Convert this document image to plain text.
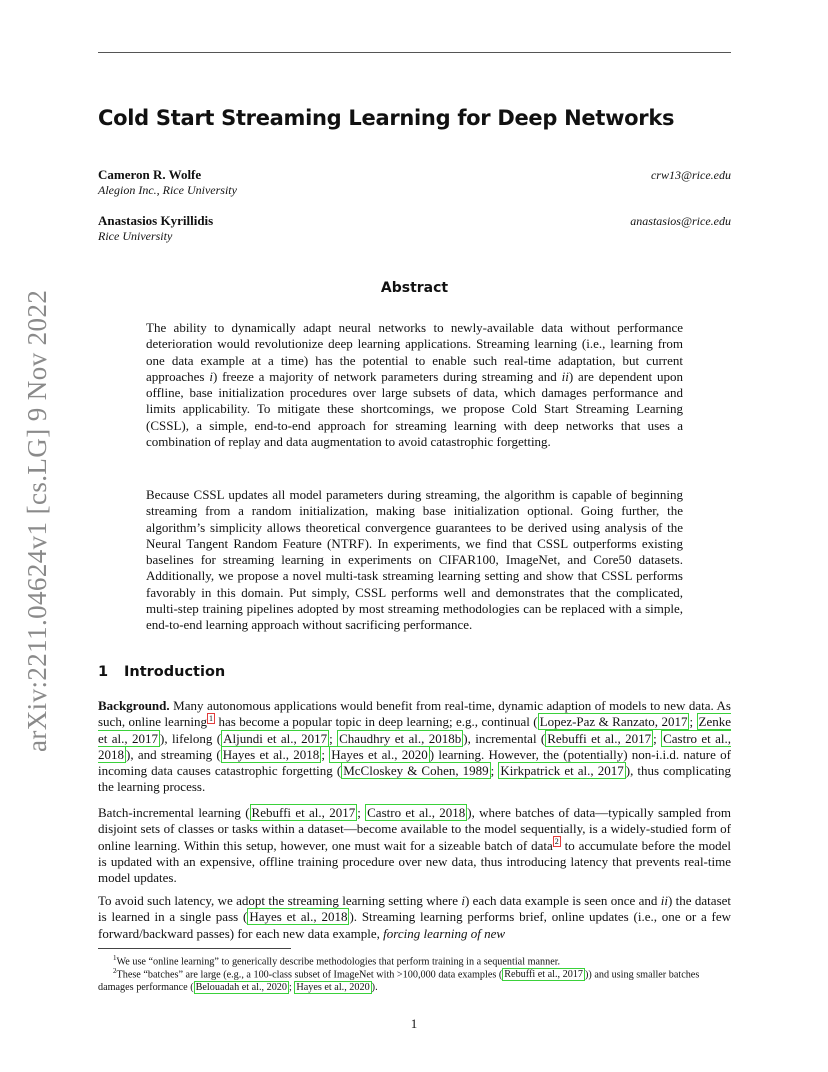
arXiv:2211.04624v1 [cs.LG] 9 Nov 2022
Cold Start Streaming Learning for Deep Networks
Cameron R. Wolfe	crw13@rice.edu
Alegion Inc., Rice University
Anastasios Kyrillidis	anastasios@rice.edu
Rice University
Abstract

The ability to dynamically adapt neural networks to newly-available data without performance deterioration would revolutionize deep learning applications. Streaming learning (i.e., learning from one data example at a time) has the potential to enable such real-time adaptation, but current approaches i) freeze a majority of network parameters during streaming and ii) are dependent upon offline, base initialization procedures over large subsets of data, which damages performance and limits applicability. To mitigate these shortcomings, we propose Cold Start Streaming Learning (CSSL), a simple, end-to-end approach for streaming learning with deep networks that uses a combination of replay and data augmentation to avoid catastrophic forgetting.

Because CSSL updates all model parameters during streaming, the algorithm is capable of beginning streaming from a random initialization, making base initialization optional. Going further, the algorithm’s simplicity allows theoretical convergence guarantees to be derived using analysis of the Neural Tangent Random Feature (NTRF). In experiments, we find that CSSL outperforms existing baselines for streaming learning in experiments on CIFAR100, ImageNet, and Core50 datasets. Additionally, we propose a novel multi-task streaming learning setting and show that CSSL performs favorably in this domain. Put simply, CSSL performs well and demonstrates that the complicated, multi-step training pipelines adopted by most streaming methodologies can be replaced with a simple, end-to-end learning approach without sacrificing performance.

1 Introduction

Background. Many autonomous applications would benefit from real-time, dynamic adaption of models to new data. As such, online learning $^1$ has become a popular topic in deep learning; e.g., continual ( Lopez-Paz & Ranzato, 2017 ; Zenke et al., 2017 ), lifelong ( Aljundi et al., 2017 ; Chaudhry et al., 2018b ), incremental ( Rebuffi et al., 2017 ; Castro et al., 2018 ), and streaming ( Hayes et al., 2018 ; Hayes et al., 2020 ) learning. However, the (potentially) non-i.i.d. nature of incoming data causes catastrophic forgetting ( McCloskey & Cohen, 1989 ; Kirkpatrick et al., 2017 ), thus complicating the learning process.

Batch-incremental learning ( Rebuffi et al., 2017 ; Castro et al., 2018 ), where batches of data—typically sampled from disjoint sets of classes or tasks within a dataset—become available to the model sequentially, is a widely-studied form of online learning. Within this setup, however, one must wait for a sizeable batch of data $^2$ to accumulate before the model is updated with an expensive, offline training procedure over new data, thus introducing latency that prevents real-time model updates.

To avoid such latency, we adopt the streaming learning setting where i) each data example is seen once and ii) the dataset is learned in a single pass ( Hayes et al., 2018 ). Streaming learning performs brief, online updates (i.e., one or a few forward/backward passes) for each new data example, forcing learning of new

$^1$We use “online learning” to generically describe methodologies that perform training in a sequential manner.

$^2$These “batches” are large (e.g., a 100-class subset of ImageNet with >100,000 data examples ( Rebuffi et al., 2017 )) and using smaller batches damages performance ( Belouadah et al., 2020 ; Hayes et al., 2020 ).

1
